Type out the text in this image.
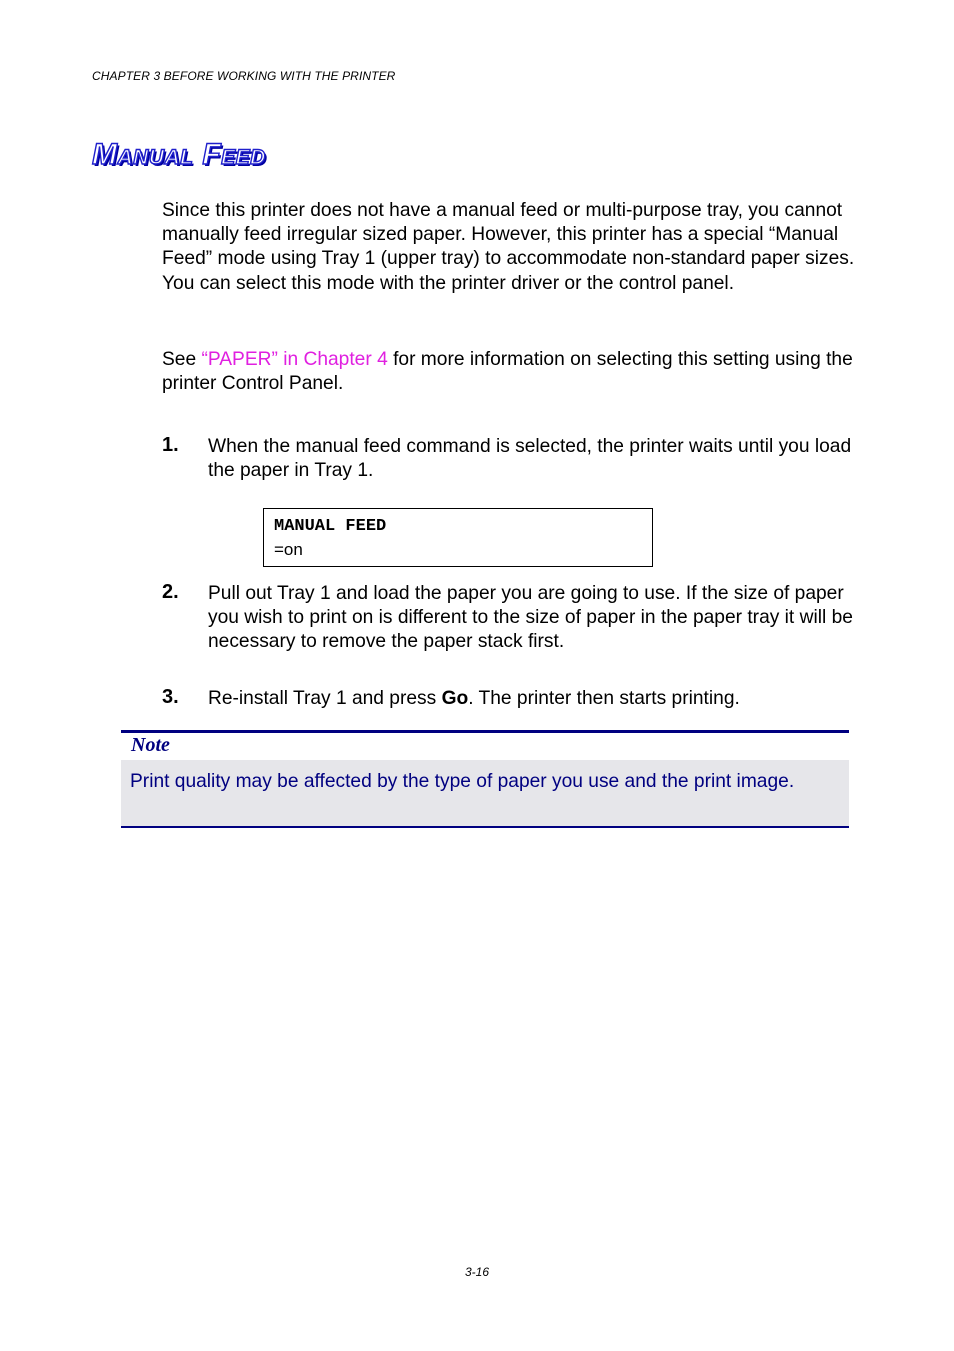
CHAPTER 3 BEFORE WORKING WITH THE PRINTER
Manual Feed

Since this printer does not have a manual feed or multi-purpose tray, you cannot manually feed irregular sized paper. However, this printer has a special “Manual Feed” mode using Tray 1 (upper tray) to accommodate non-standard paper sizes. You can select this mode with the printer driver or the control panel.

See “PAPER” in Chapter 4 for more information on selecting this setting using the printer Control Panel.

1. When the manual feed command is selected, the printer waits until you load the paper in Tray 1.

MANUAL FEED
=on
2. Pull out Tray 1 and load the paper you are going to use. If the size of paper you wish to print on is different to the size of paper in the paper tray it will be necessary to remove the paper stack first.

3. Re-install Tray 1 and press Go. The printer then starts printing.

Note

Print quality may be affected by the type of paper you use and the print image.

3-16
